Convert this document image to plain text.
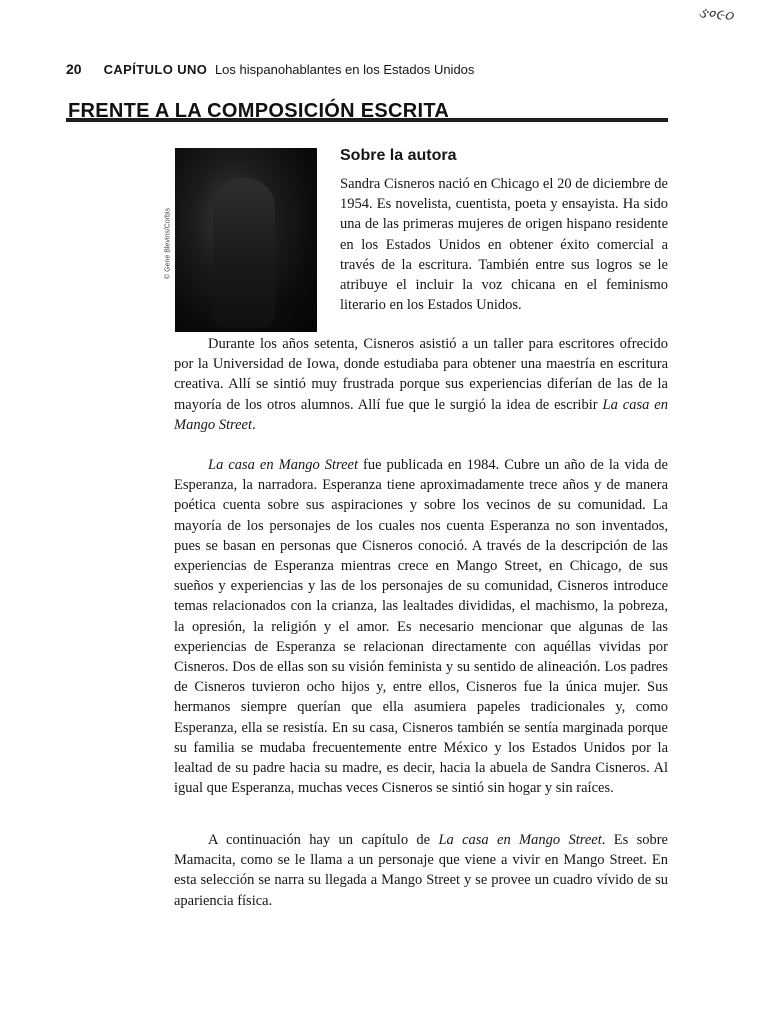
ઙ०૯૦
20 CAPÍTULO UNO Los hispanohablantes en los Estados Unidos
FRENTE A LA COMPOSICIÓN ESCRITA
© Gene Blevins/Corbis
Sobre la autora

Sandra Cisneros nació en Chicago el 20 de diciembre de 1954. Es novelista, cuentista, poeta y ensayista. Ha sido una de las primeras mujeres de origen hispano residente en los Estados Unidos en obtener éxito comercial a través de la escritura. También entre sus logros se le atribuye el incluir la voz chicana en el feminismo literario en los Estados Unidos.

Durante los años setenta, Cisneros asistió a un taller para escritores ofrecido por la Universidad de Iowa, donde estudiaba para obtener una maestría en escritura creativa. Allí se sintió muy frustrada porque sus experiencias diferían de las de la mayoría de los otros alumnos. Allí fue que le surgió la idea de escribir La casa en Mango Street.

La casa en Mango Street fue publicada en 1984. Cubre un año de la vida de Esperanza, la narradora. Esperanza tiene aproximadamente trece años y de manera poética cuenta sobre sus aspiraciones y sobre los vecinos de su comunidad. La mayoría de los personajes de los cuales nos cuenta Esperanza no son inventados, pues se basan en personas que Cisneros conoció. A través de la descripción de las experiencias de Esperanza mientras crece en Mango Street, en Chicago, de sus sueños y experiencias y las de los personajes de su comunidad, Cisneros introduce temas relacionados con la crianza, las lealtades divididas, el machismo, la pobreza, la opresión, la religión y el amor. Es necesario mencionar que algunas de las experiencias de Esperanza se relacionan directamente con aquéllas vividas por Cisneros. Dos de ellas son su visión feminista y su sentido de alineación. Los padres de Cisneros tuvieron ocho hijos y, entre ellos, Cisneros fue la única mujer. Sus hermanos siempre querían que ella asumiera papeles tradicionales y, como Esperanza, ella se resistía. En su casa, Cisneros también se sentía marginada porque su familia se mudaba frecuentemente entre México y los Estados Unidos por la lealtad de su padre hacia su madre, es decir, hacia la abuela de Sandra Cisneros. Al igual que Esperanza, muchas veces Cisneros se sintió sin hogar y sin raíces.

A continuación hay un capítulo de La casa en Mango Street. Es sobre Mamacita, como se le llama a un personaje que viene a vivir en Mango Street. En esta selección se narra su llegada a Mango Street y se provee un cuadro vívido de su apariencia física.
